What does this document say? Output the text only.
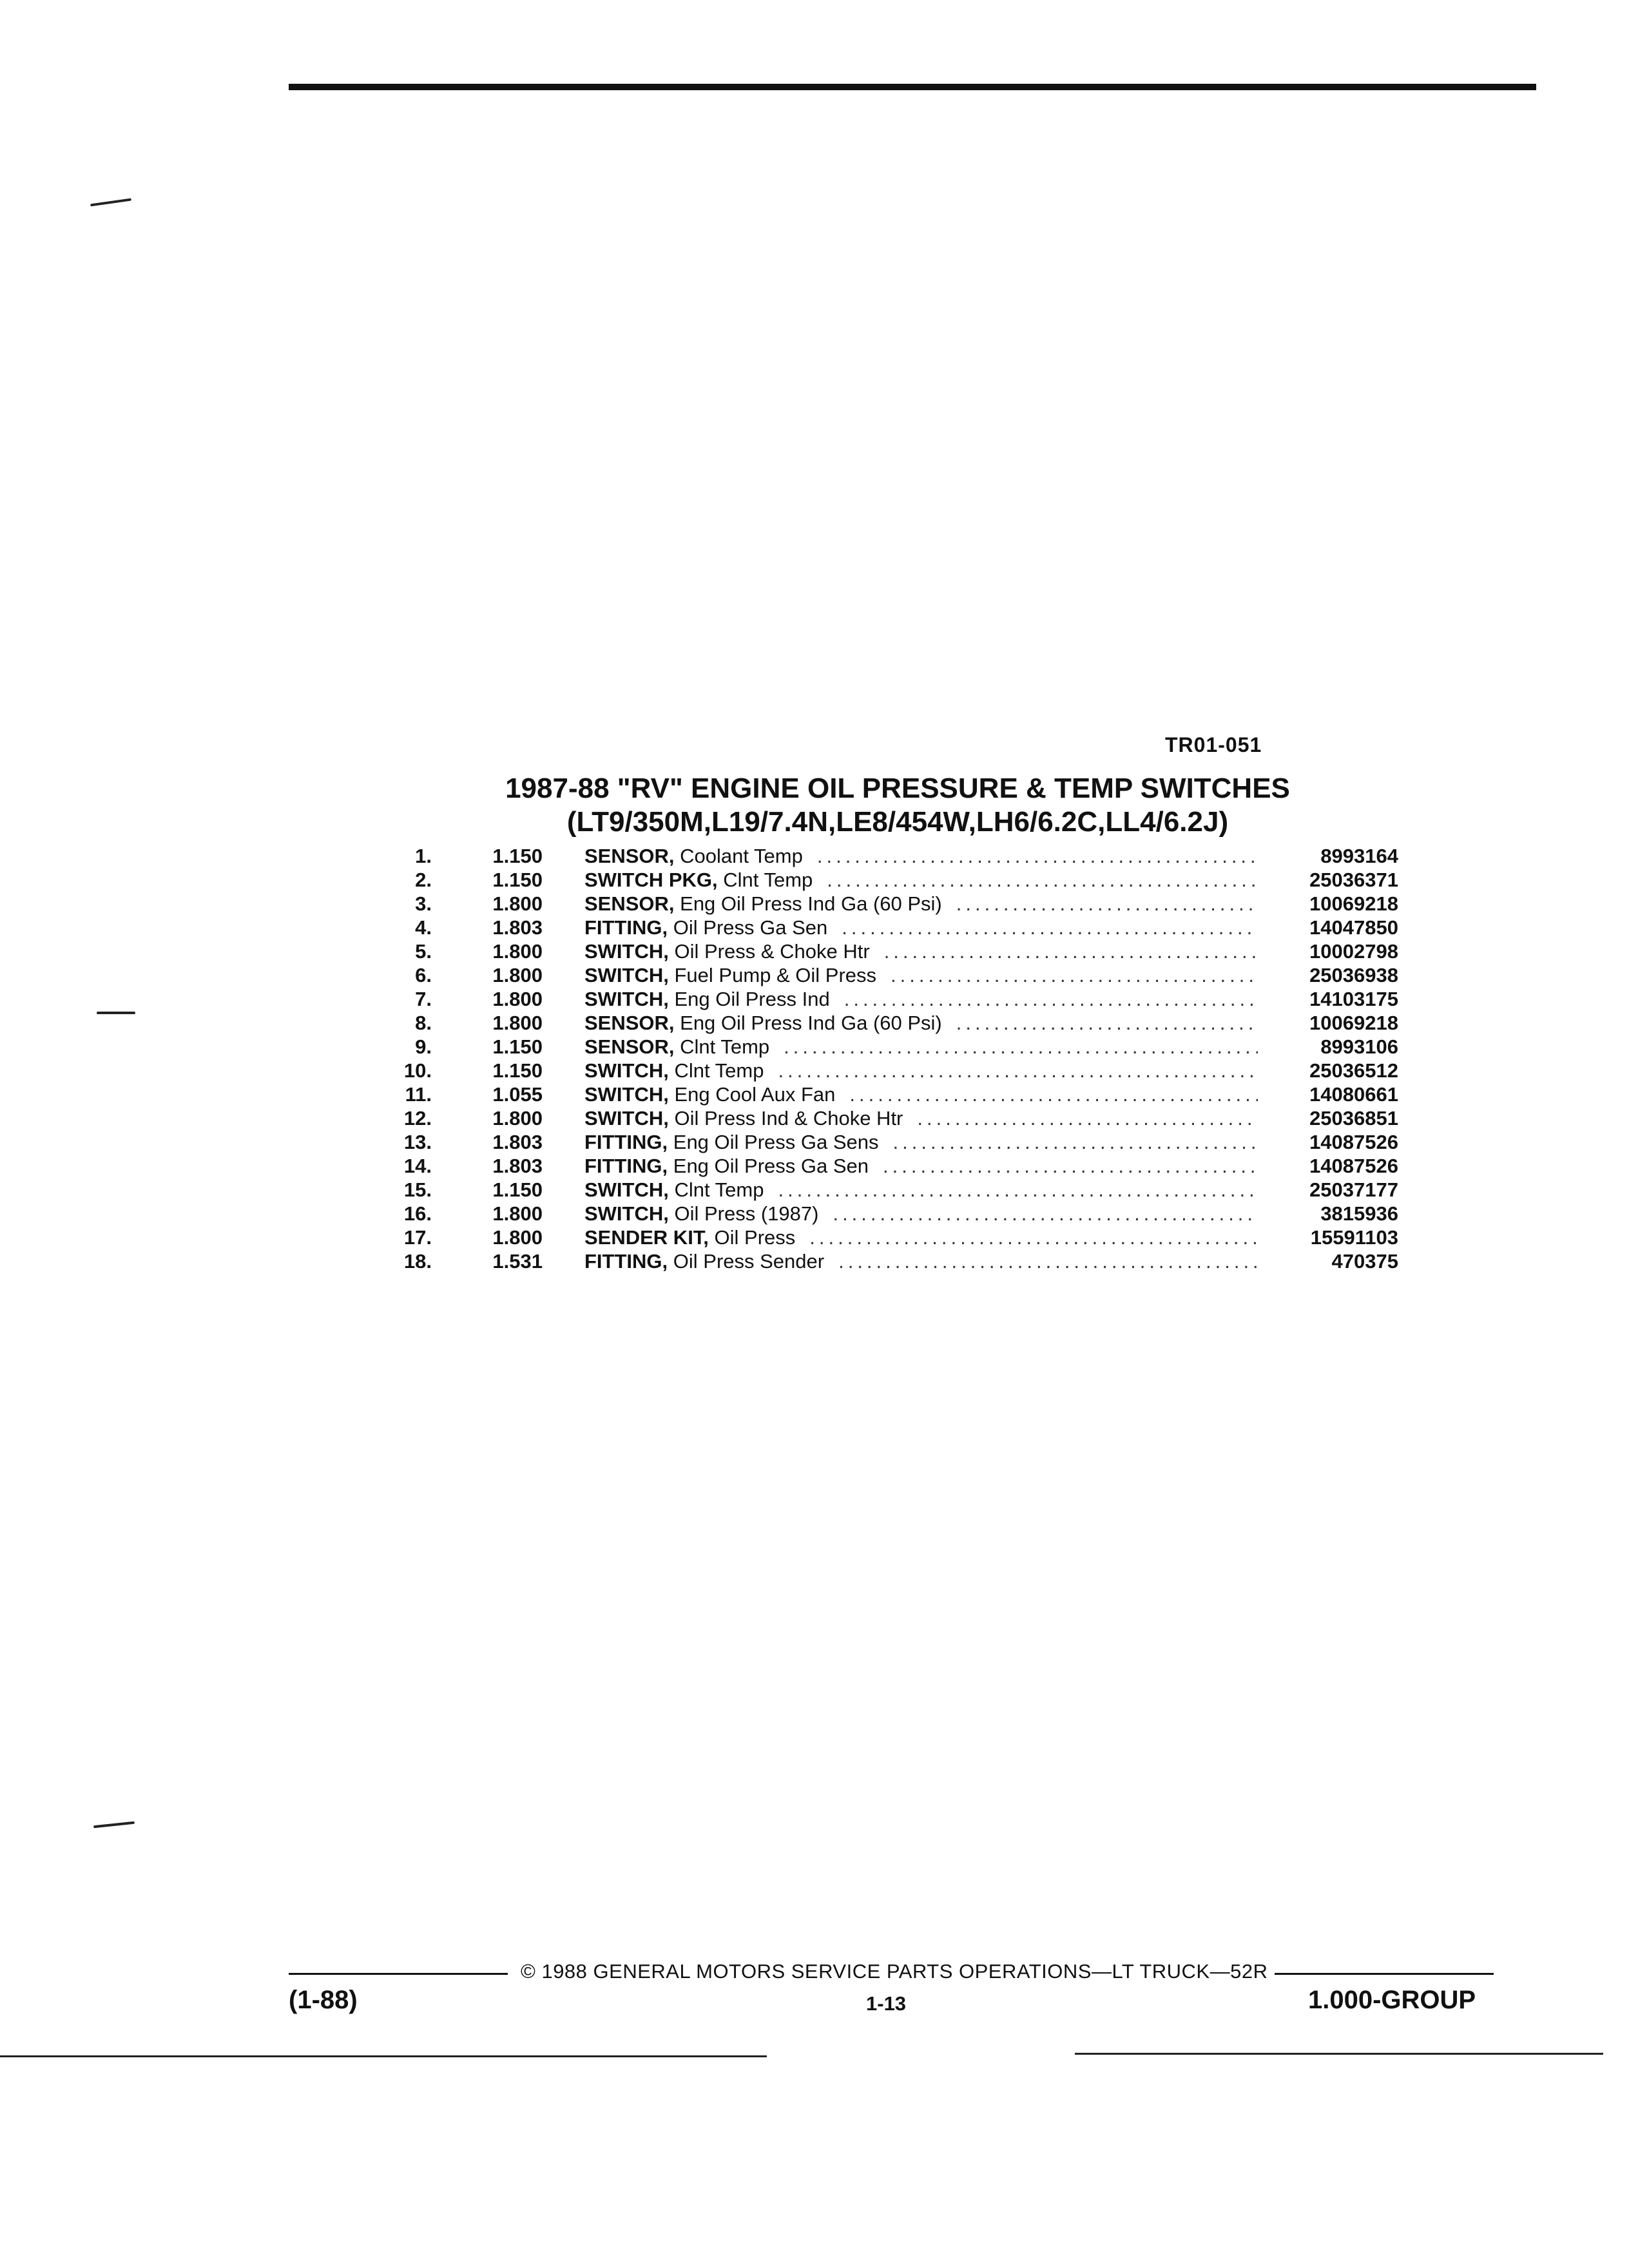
TR01-051
1987-88 "RV" ENGINE OIL PRESSURE & TEMP SWITCHES
(LT9/350M,L19/7.4N,LE8/454W,LH6/6.2C,LL4/6.2J)
1.	1.150 SENSOR, Coolant Temp .....	8993164
2.	1.150 SWITCH PKG, Clnt Temp .....	25036371
3.	1.800 SENSOR, Eng Oil Press Ind Ga (60 Psi) .....	10069218
4.	1.803 FITTING, Oil Press Ga Sen .....	14047850
5.	1.800 SWITCH, Oil Press & Choke Htr .....	10002798
6.	1.800 SWITCH, Fuel Pump & Oil Press .....	25036938
7.	1.800 SWITCH, Eng Oil Press Ind .....	14103175
8.	1.800 SENSOR, Eng Oil Press Ind Ga (60 Psi) .....	10069218
9.	1.150 SENSOR, Clnt Temp .....	8993106
10.	1.150 SWITCH, Clnt Temp .....	25036512
11.	1.055 SWITCH, Eng Cool Aux Fan .....	14080661
12.	1.800 SWITCH, Oil Press Ind & Choke Htr .....	25036851
13.	1.803 FITTING, Eng Oil Press Ga Sens .....	14087526
14.	1.803 FITTING, Eng Oil Press Ga Sen .....	14087526
15.	1.150 SWITCH, Clnt Temp .....	25037177
16.	1.800 SWITCH, Oil Press (1987) .....	3815936
17.	1.800 SENDER KIT, Oil Press .....	15591103
18.	1.531 FITTING, Oil Press Sender .....	470375
© 1988 GENERAL MOTORS SERVICE PARTS OPERATIONS—LT TRUCK—52R
(1-88)	1-13	1.000-GROUP
